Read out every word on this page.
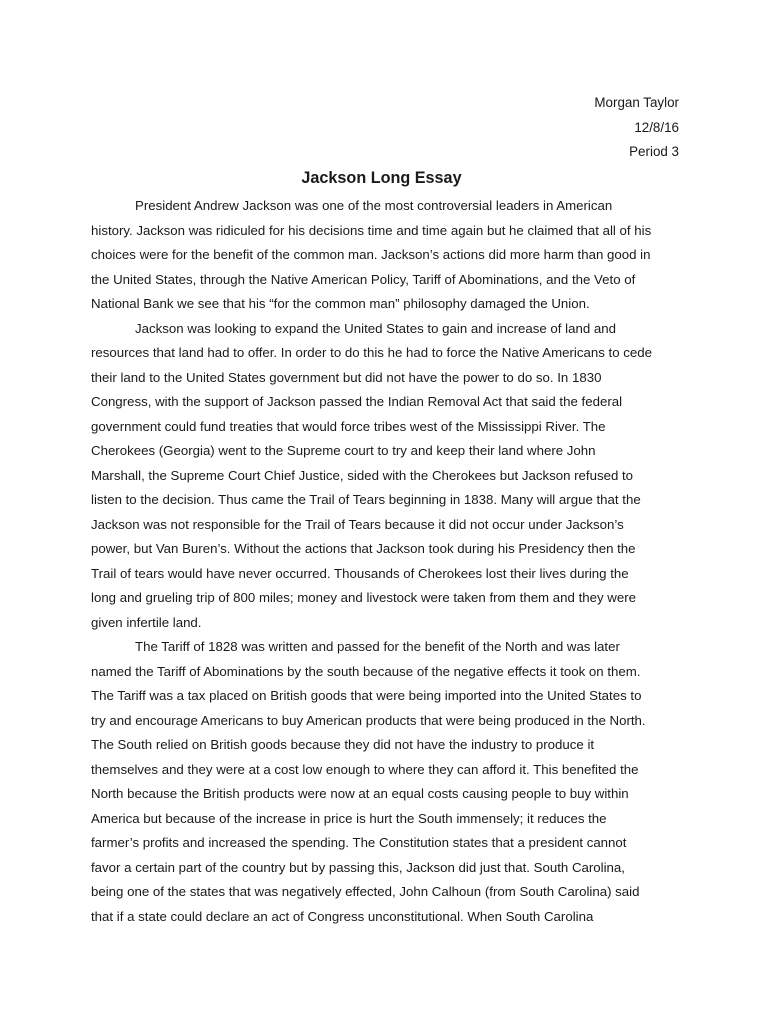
Morgan Taylor
12/8/16
Period 3
Jackson Long Essay
President Andrew Jackson was one of the most controversial leaders in American
history. Jackson was ridiculed for his decisions time and time again but he claimed that all of his
choices were for the benefit of the common man. Jackson’s actions did more harm than good in
the United States, through the Native American Policy, Tariff of Abominations, and the Veto of
National Bank we see that his “for the common man” philosophy damaged the Union.
Jackson was looking to expand the United States to gain and increase of land and
resources that land had to offer. In order to do this he had to force the Native Americans to cede
their land to the United States government but did not have the power to do so. In 1830
Congress, with the support of Jackson passed the Indian Removal Act that said the federal
government could fund treaties that would force tribes west of the Mississippi River. The
Cherokees (Georgia) went to the Supreme court to try and keep their land where John
Marshall, the Supreme Court Chief Justice, sided with the Cherokees but Jackson refused to
listen to the decision. Thus came the Trail of Tears beginning in 1838. Many will argue that the
Jackson was not responsible for the Trail of Tears because it did not occur under Jackson’s
power, but Van Buren’s. Without the actions that Jackson took during his Presidency then the
Trail of tears would have never occurred. Thousands of Cherokees lost their lives during the
long and grueling trip of 800 miles; money and livestock were taken from them and they were
given infertile land.
The Tariff of 1828 was written and passed for the benefit of the North and was later
named the Tariff of Abominations by the south because of the negative effects it took on them.
The Tariff was a tax placed on British goods that were being imported into the United States to
try and encourage Americans to buy American products that were being produced in the North.
The South relied on British goods because they did not have the industry to produce it
themselves and they were at a cost low enough to where they can afford it. This benefited the
North because the British products were now at an equal costs causing people to buy within
America but because of the increase in price is hurt the South immensely; it reduces the
farmer’s profits and increased the spending. The Constitution states that a president cannot
favor a certain part of the country but by passing this, Jackson did just that. South Carolina,
being one of the states that was negatively effected, John Calhoun (from South Carolina) said
that if a state could declare an act of Congress unconstitutional. When South Carolina
